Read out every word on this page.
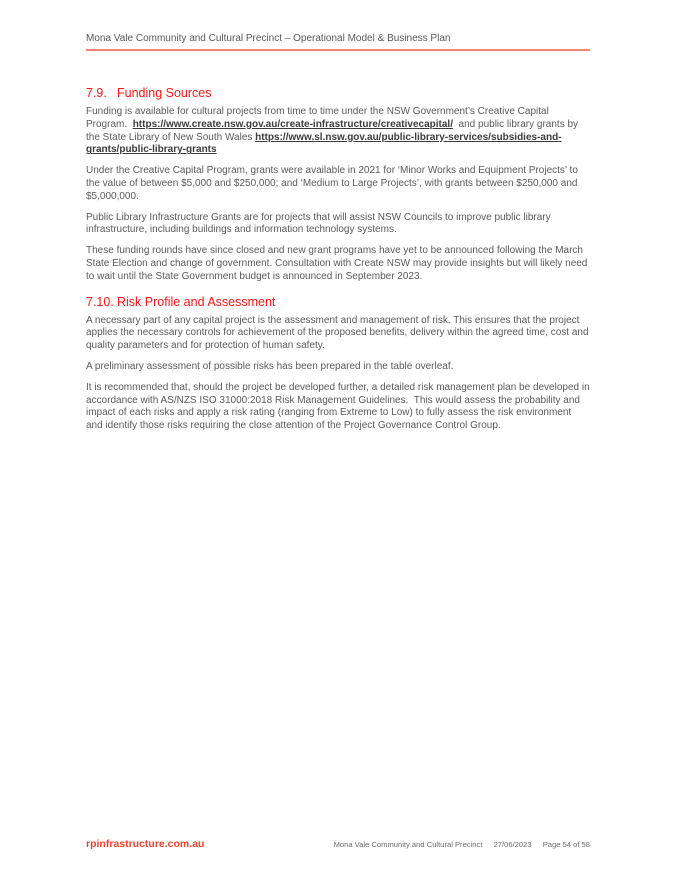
Mona Vale Community and Cultural Precinct – Operational Model & Business Plan
7.9. Funding Sources

Funding is available for cultural projects from time to time under the NSW Government’s Creative Capital Program.  https://www.create.nsw.gov.au/create-infrastructure/creativecapital/  and public library grants by the State Library of New South Wales https://www.sl.nsw.gov.au/public-library-services/subsidies-and-grants/public-library-grants

Under the Creative Capital Program, grants were available in 2021 for ‘Minor Works and Equipment Projects’ to the value of between $5,000 and $250,000; and ‘Medium to Large Projects’, with grants between $250,000 and $5,000,000.

Public Library Infrastructure Grants are for projects that will assist NSW Councils to improve public library infrastructure, including buildings and information technology systems.

These funding rounds have since closed and new grant programs have yet to be announced following the March State Election and change of government. Consultation with Create NSW may provide insights but will likely need to wait until the State Government budget is announced in September 2023.

7.10. Risk Profile and Assessment

A necessary part of any capital project is the assessment and management of risk. This ensures that the project applies the necessary controls for achievement of the proposed benefits, delivery within the agreed time, cost and quality parameters and for protection of human safety.

A preliminary assessment of possible risks has been prepared in the table overleaf.

It is recommended that, should the project be developed further, a detailed risk management plan be developed in accordance with AS/NZS ISO 31000:2018 Risk Management Guidelines.  This would assess the probability and impact of each risks and apply a risk rating (ranging from Extreme to Low) to fully assess the risk environment and identify those risks requiring the close attention of the Project Governance Control Group.

rpinfrastructure.com.au	Mona Vale Community and Cultural Precinct 27/06/2023 Page 54 of 58
